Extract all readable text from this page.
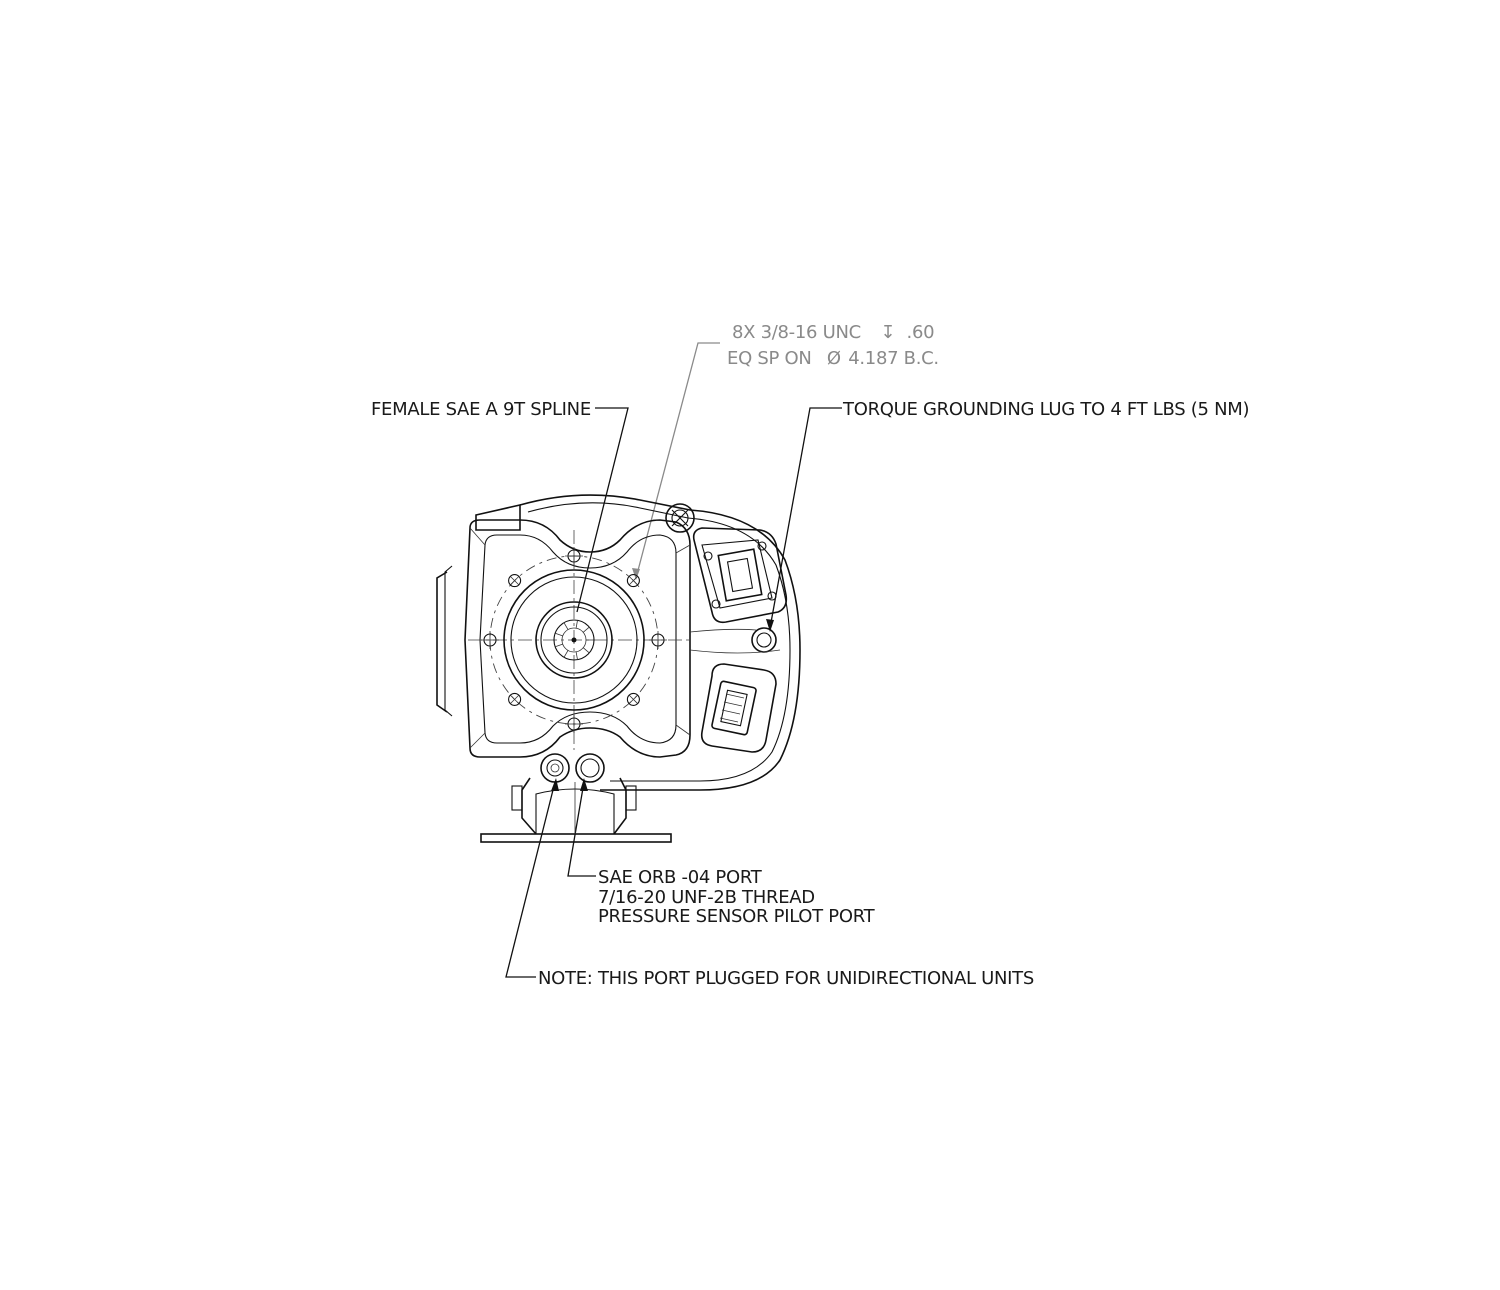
8X 3/8-16 UNC ↧ .60
EQ SP ON Ø 4.187 B.C.
FEMALE SAE A 9T SPLINE	TORQUE GROUNDING LUG TO 4 FT LBS (5 NM)
SAE ORB -04 PORT
7/16-20 UNF-2B THREAD
PRESSURE SENSOR PILOT PORT
NOTE: THIS PORT PLUGGED FOR UNIDIRECTIONAL UNITS
